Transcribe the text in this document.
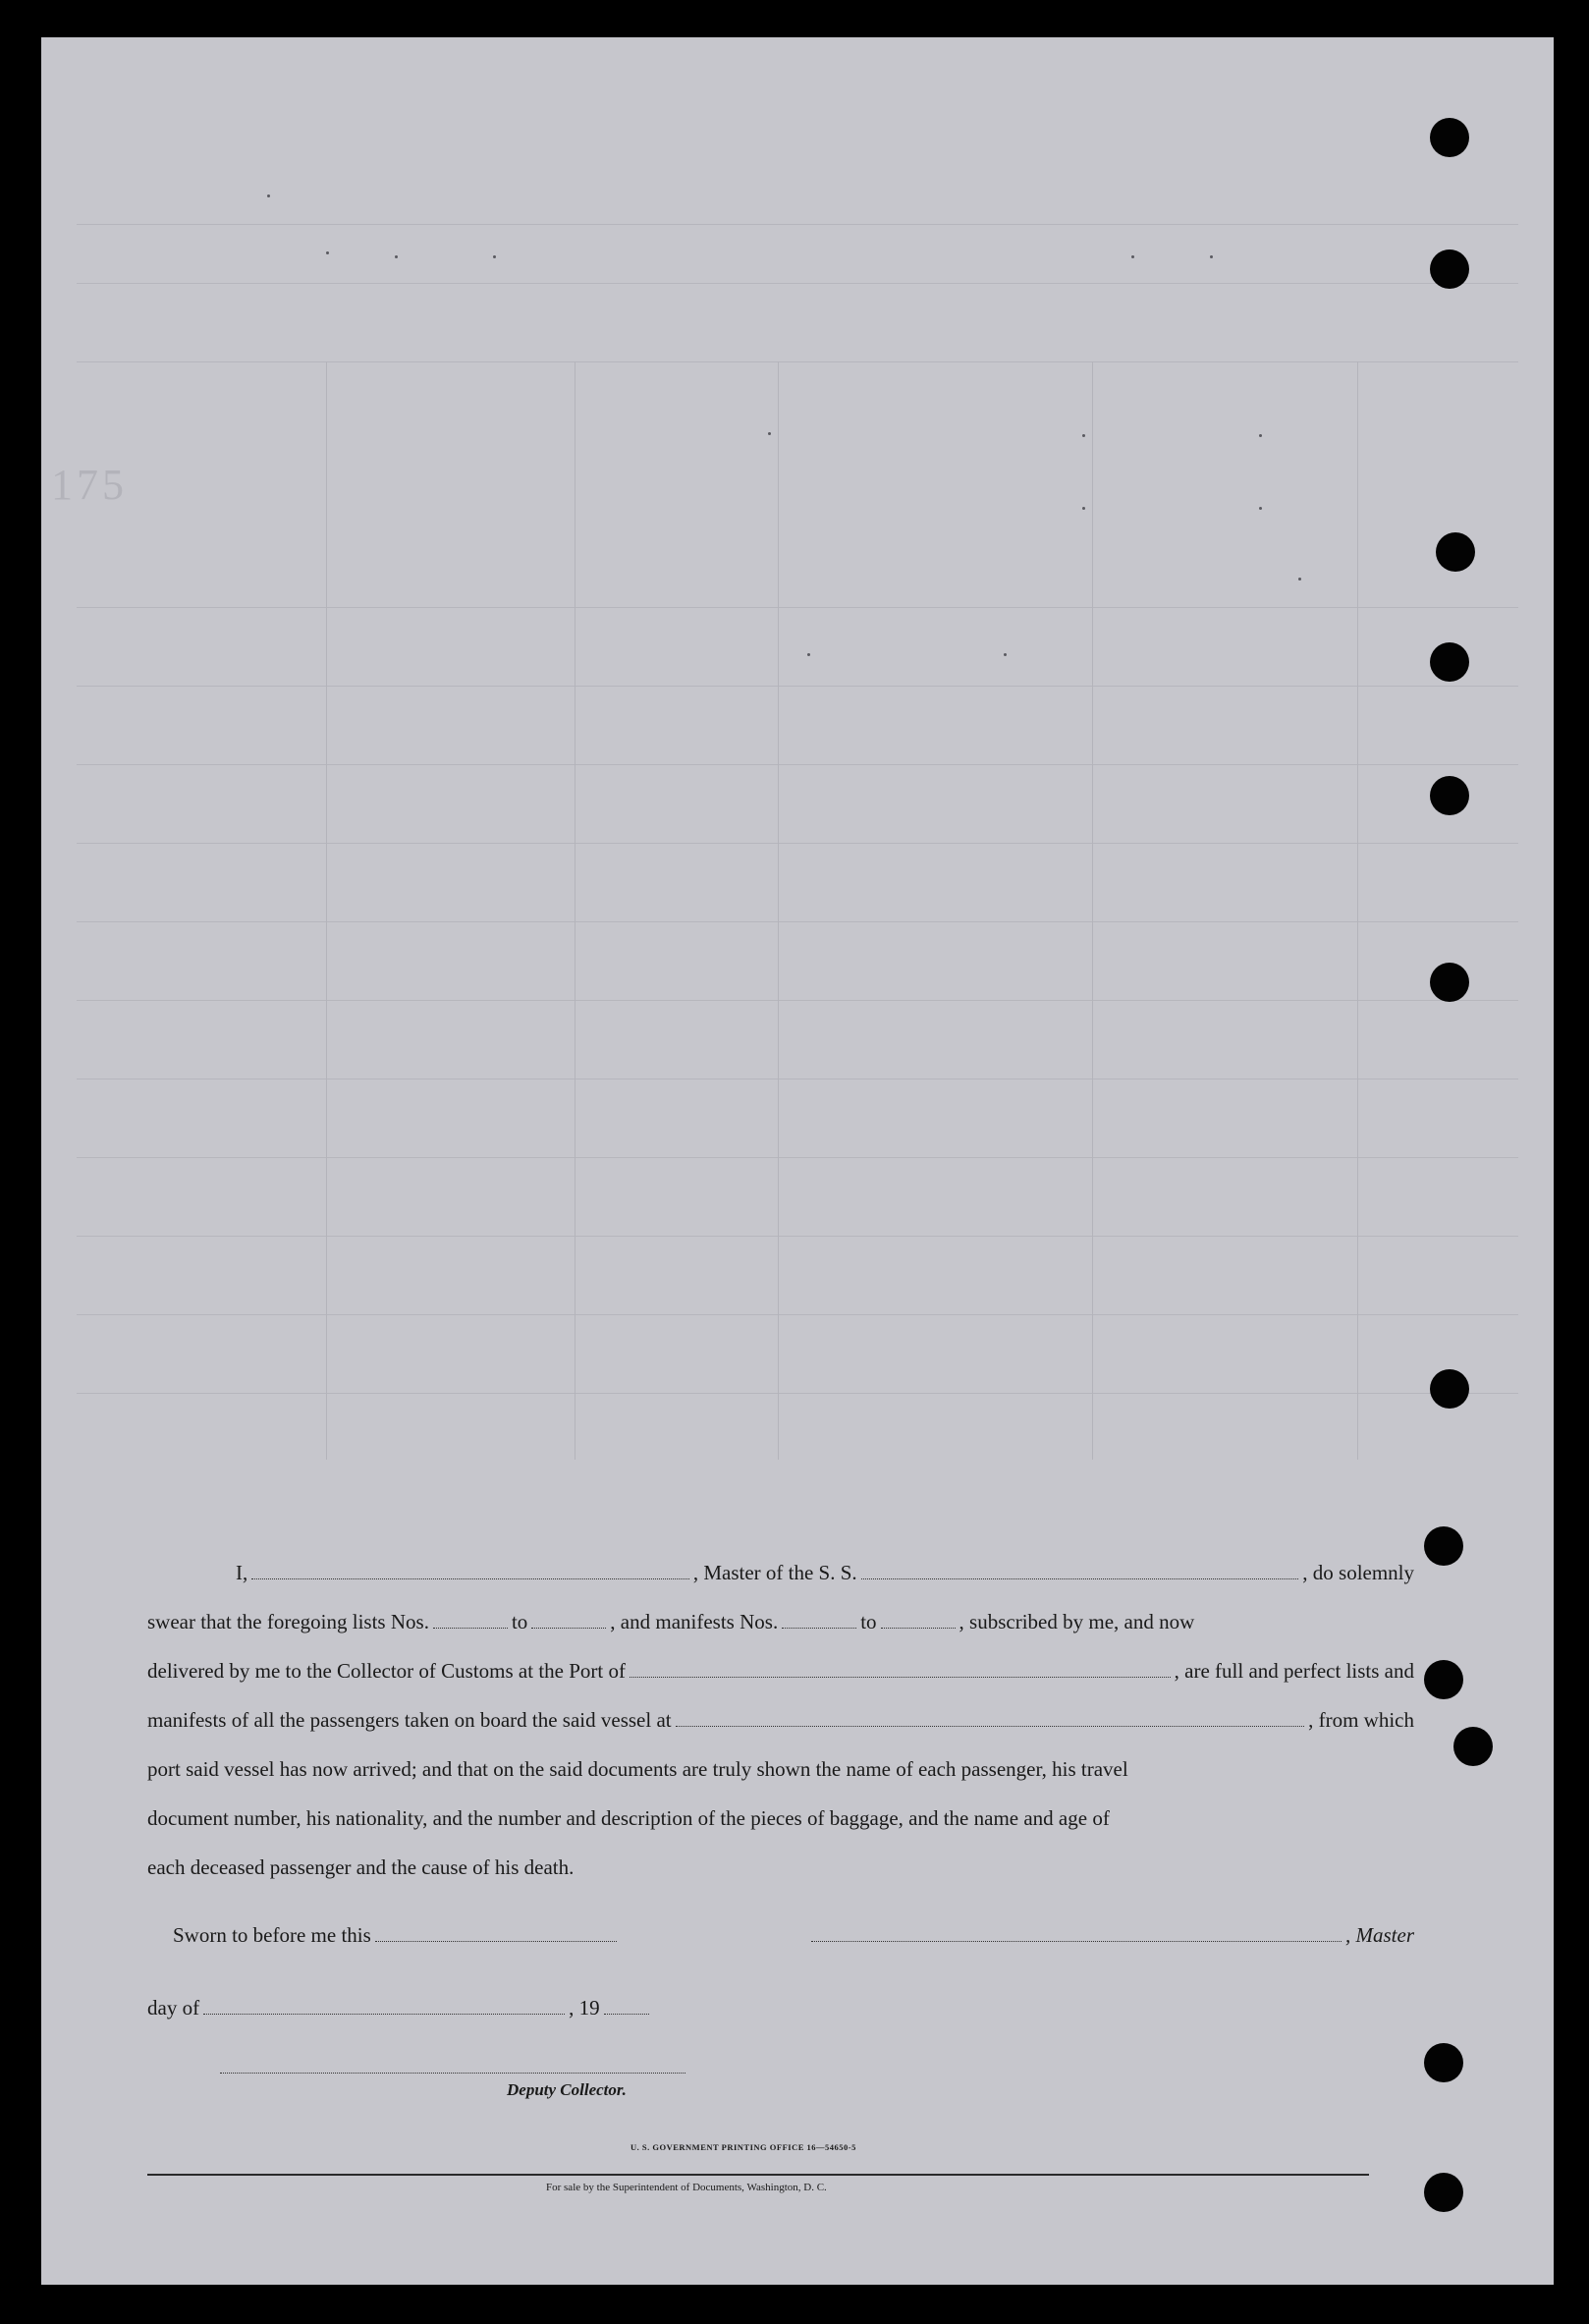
175
I,	, Master of the S. S.	, do solemnly
swear that the foregoing lists Nos.	to	, and manifests Nos.	to	, subscribed by me, and now
delivered by me to the Collector of Customs at the Port of	, are full and perfect lists and
manifests of all the passengers taken on board the said vessel at	, from which
port said vessel has now arrived; and that on the said documents are truly shown the name of each passenger, his travel
document number, his nationality, and the number and description of the pieces of baggage, and the name and age of
each deceased passenger and the cause of his death.
Sworn to before me this	, Master
day of	, 19
Deputy Collector.
U. S. GOVERNMENT PRINTING OFFICE 16—54650-5
For sale by the Superintendent of Documents, Washington, D. C.
